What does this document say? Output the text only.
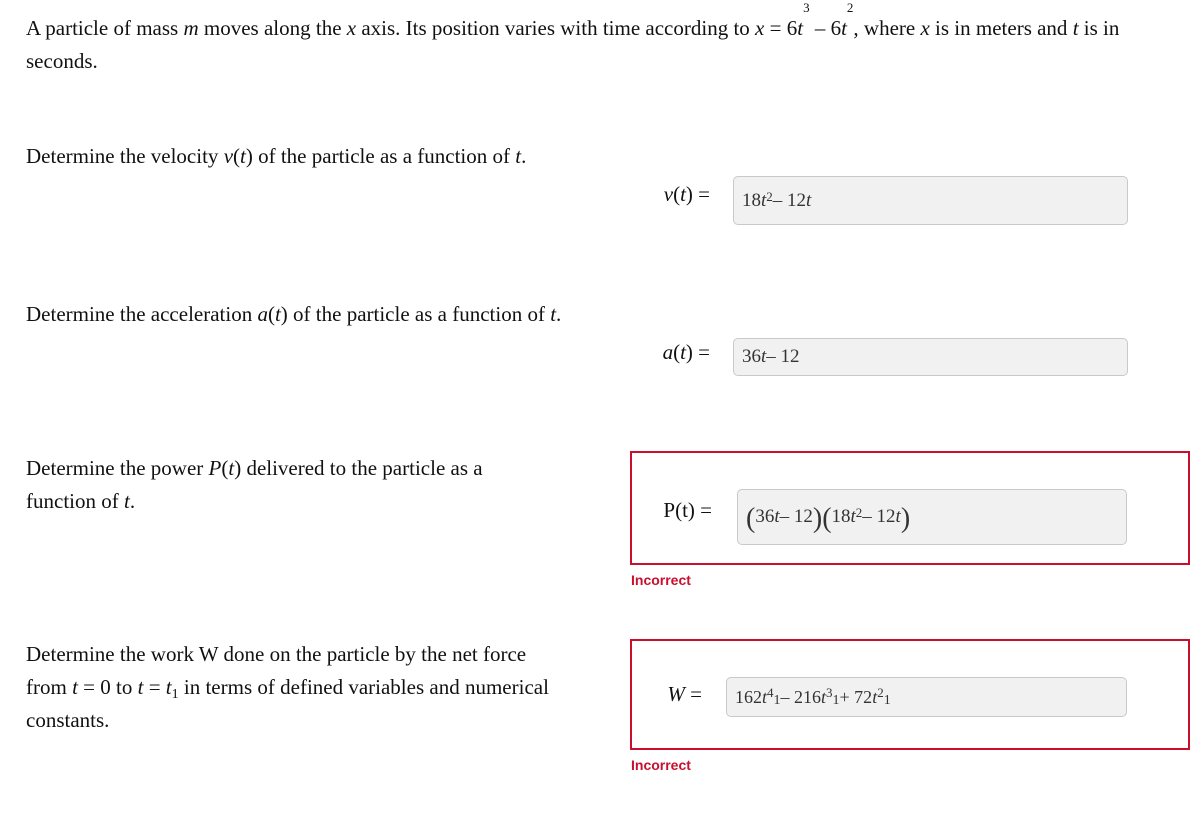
A particle of mass m moves along the x axis. Its position varies with time according to $x = 6t^3 - 6t^2$, where x is in meters and t is in seconds.
Determine the velocity v(t) of the particle as a function of t.
v(t) = 18 $t^2 - 12$ t
Determine the acceleration a(t) of the particle as a function of t.
a(t) = 36 t – 12
Determine the power P(t) delivered to the particle as a function of t.	P(t) = ( 36 t – 12 ) ( 18 $t^2 - 12$ t )
Incorrect
Determine the work W done on the particle by the net force from t = 0 to $t = t_1$ in terms of defined variables and numerical constants.
W = 162 $t^4$
$_1$ – 216 $t^3$
$_1$ + 72 $t^2$
$_1$
Incorrect
